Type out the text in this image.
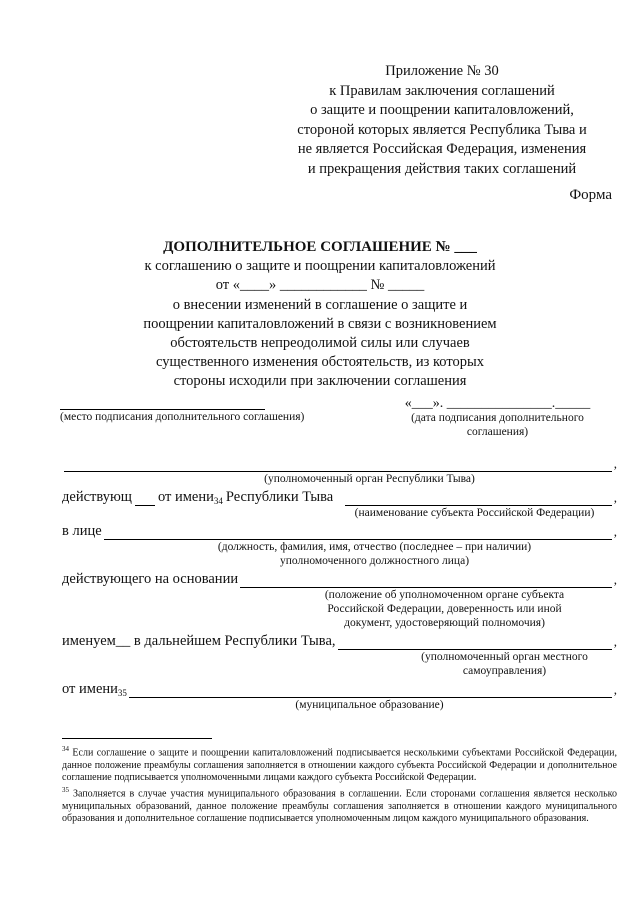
Приложение № 30
к Правилам заключения соглашений
о защите и поощрении капиталовложений,
стороной которых является Республика Тыва и
не является Российская Федерация, изменения
и прекращения действия таких соглашений
Форма
ДОПОЛНИТЕЛЬНОЕ СОГЛАШЕНИЕ № ___
к соглашению о защите и поощрении капиталовложений
от «____» ____________ № _____
о внесении изменений в соглашение о защите и
поощрении капиталовложений в связи с возникновением
обстоятельств непреодолимой силы или случаев
существенного изменения обстоятельств, из которых
стороны исходили при заключении соглашения
(место подписания дополнительного соглашения)
«___». _______________._____
(дата подписания дополнительного
соглашения)
,
(уполномоченный орган Республики Тыва)
действующ от имени 34 Республики Тыва	,
(наименование субъекта Российской Федерации)
в лице	,
(должность, фамилия, имя, отчество (последнее – при наличии)
уполномоченного должностного лица)
действующего на основании	,
(положение об уполномоченном органе субъекта
Российской Федерации, доверенность или иной
документ, удостоверяющий полномочия)
именуем__ в дальнейшем Республики Тыва,	,
(уполномоченный орган местного
самоуправления)
от имени 35	,
(муниципальное образование)
$^{34}$ Если соглашение о защите и поощрении капиталовложений подписывается несколькими субъектами Российской Федерации, данное положение преамбулы соглашения заполняется в отношении каждого субъекта Российской Федерации и дополнительное соглашение подписывается уполномоченными лицами каждого субъекта Российской Федерации.
$^{35}$ Заполняется в случае участия муниципального образования в соглашении. Если сторонами соглашения является несколько муниципальных образований, данное положение преамбулы соглашения заполняется в отношении каждого муниципального образования и дополнительное соглашение подписывается уполномоченным лицом каждого муниципального образования.
